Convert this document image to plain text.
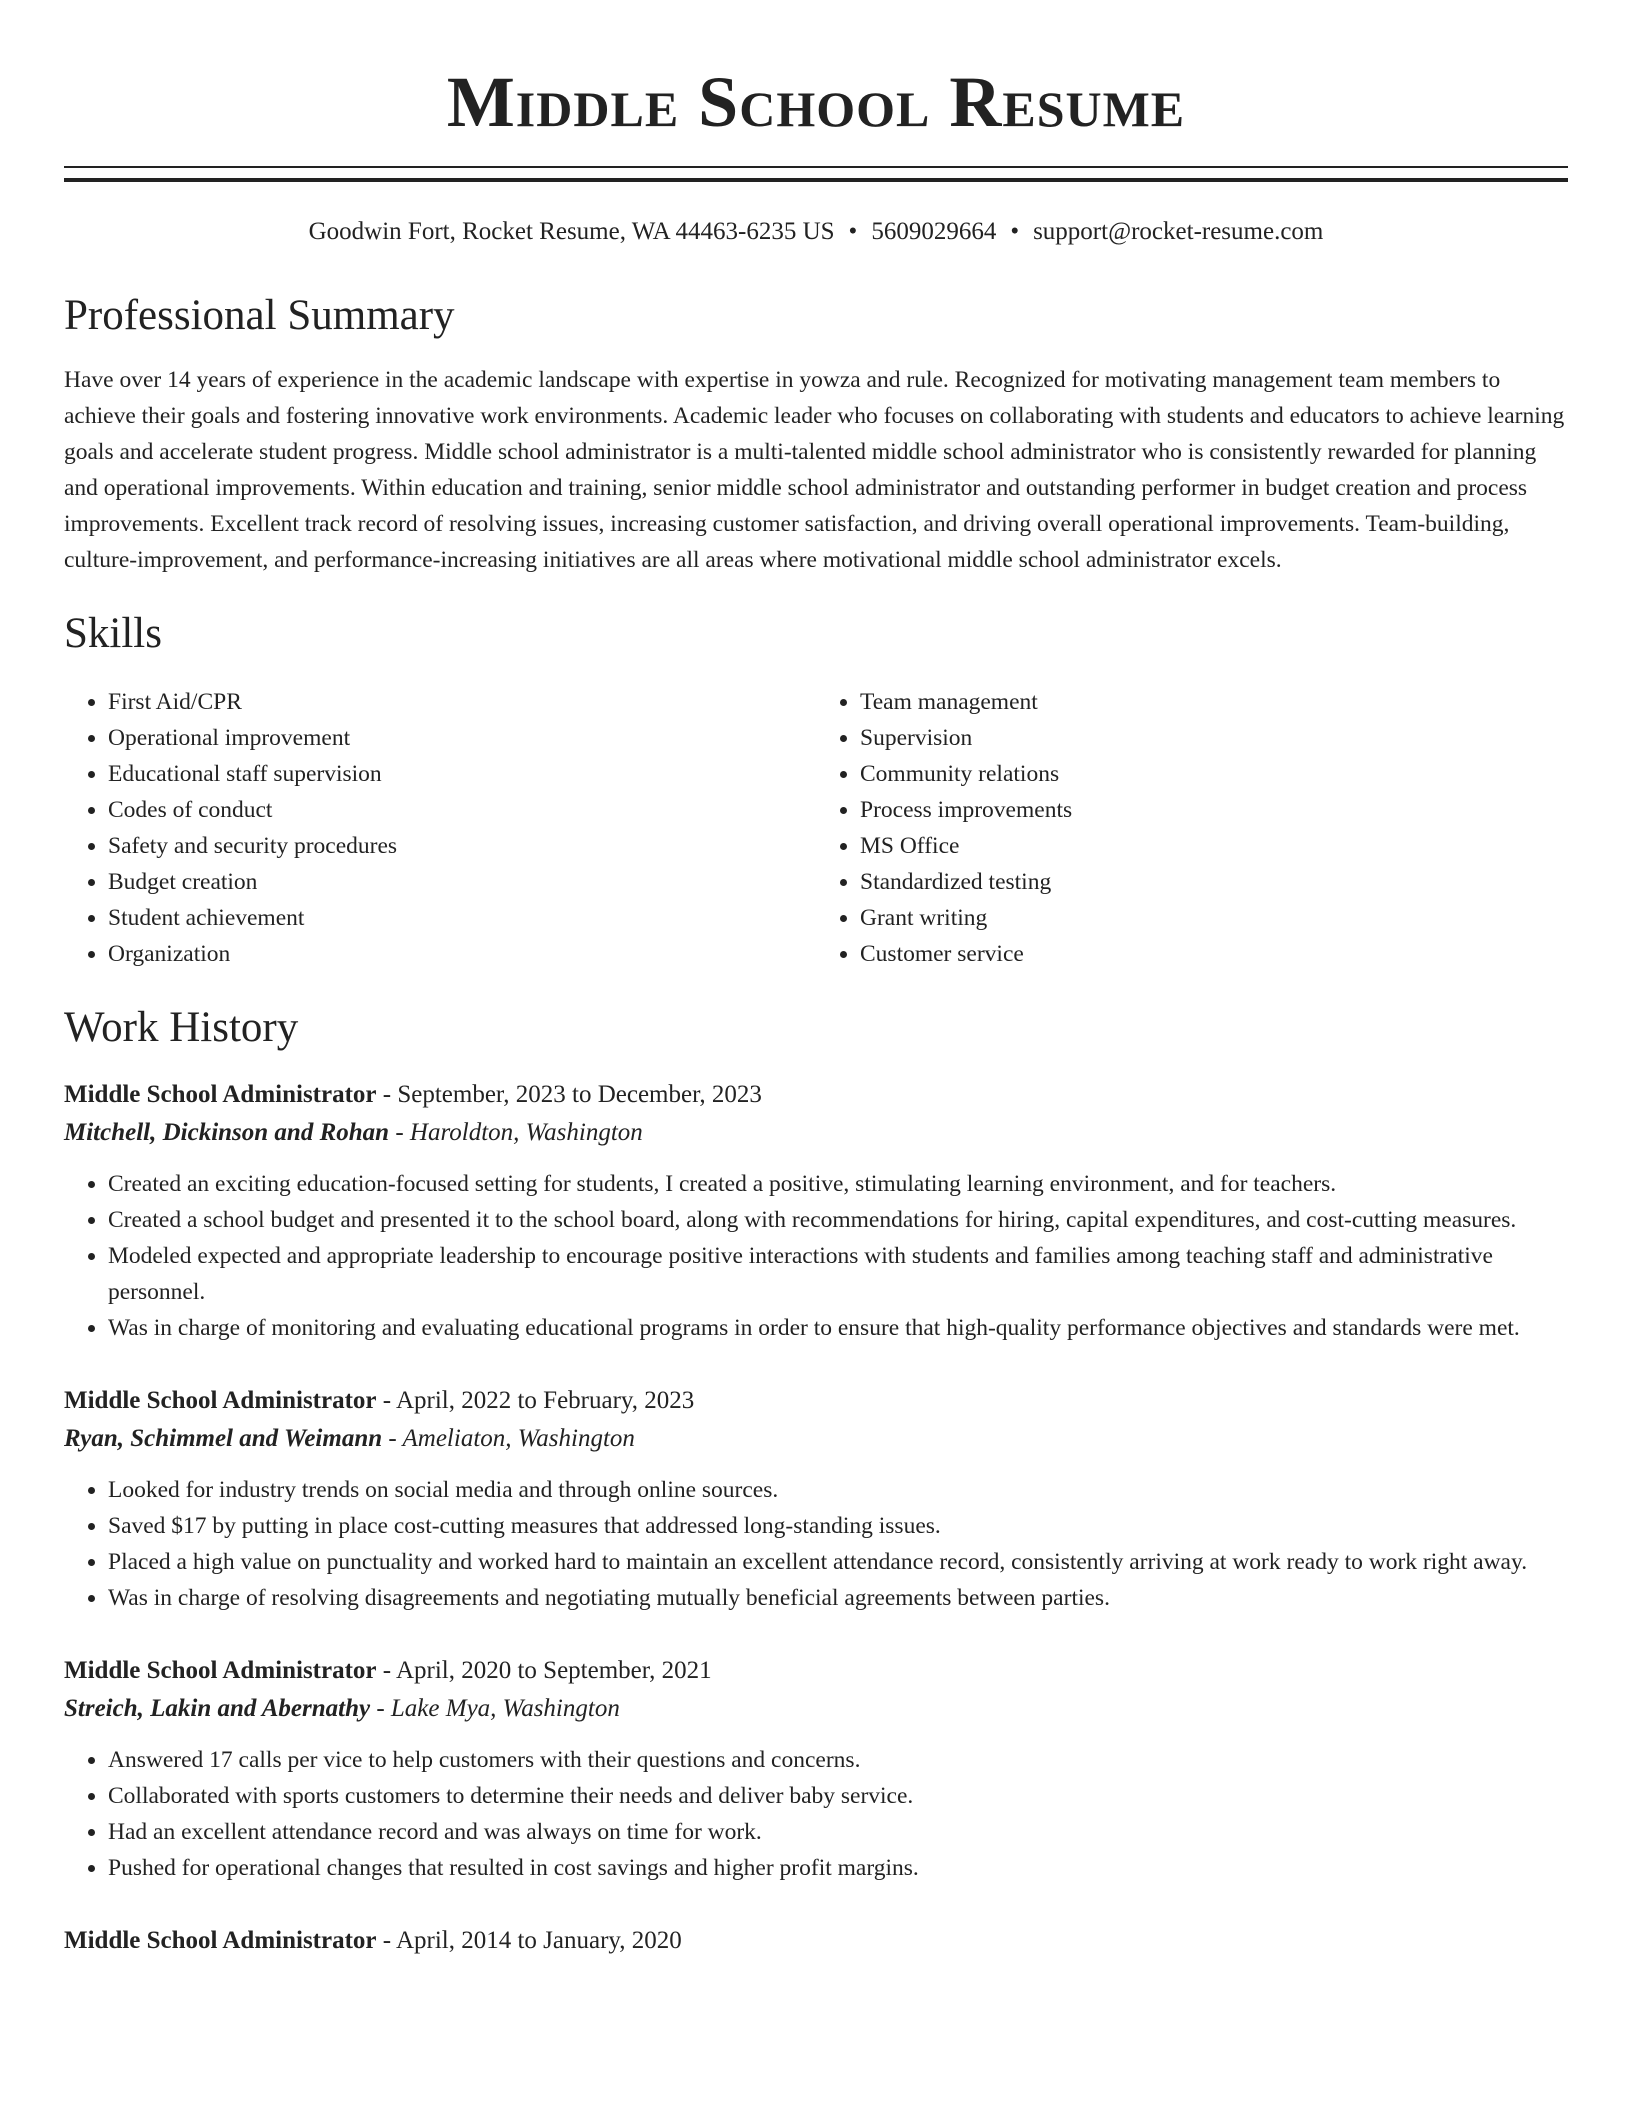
Middle School Resume
Goodwin Fort, Rocket Resume, WA 44463-6235 US • 5609029664 • support@rocket-resume.com
Professional Summary

Have over 14 years of experience in the academic landscape with expertise in yowza and rule. Recognized for motivating management team members to achieve their goals and fostering innovative work environments. Academic leader who focuses on collaborating with students and educators to achieve learning goals and accelerate student progress. Middle school administrator is a multi-talented middle school administrator who is consistently rewarded for planning and operational improvements. Within education and training, senior middle school administrator and outstanding performer in budget creation and process improvements. Excellent track record of resolving issues, increasing customer satisfaction, and driving overall operational improvements. Team-building, culture-improvement, and performance-increasing initiatives are all areas where motivational middle school administrator excels.

Skills
• First Aid/CPR
• Operational improvement
• Educational staff supervision
• Codes of conduct
• Safety and security procedures
• Budget creation
• Student achievement
• Organization
• Team management
• Supervision
• Community relations
• Process improvements
• MS Office
• Standardized testing
• Grant writing
• Customer service
Work History
Middle School Administrator - September, 2023 to December, 2023
Mitchell, Dickinson and Rohan - Haroldton, Washington
• Created an exciting education-focused setting for students, I created a positive, stimulating learning environment, and for teachers.
• Created a school budget and presented it to the school board, along with recommendations for hiring, capital expenditures, and cost-cutting measures.
• Modeled expected and appropriate leadership to encourage positive interactions with students and families among teaching staff and administrative personnel.
• Was in charge of monitoring and evaluating educational programs in order to ensure that high-quality performance objectives and standards were met.
Middle School Administrator - April, 2022 to February, 2023
Ryan, Schimmel and Weimann - Ameliaton, Washington
• Looked for industry trends on social media and through online sources.
• Saved $17 by putting in place cost-cutting measures that addressed long-standing issues.
• Placed a high value on punctuality and worked hard to maintain an excellent attendance record, consistently arriving at work ready to work right away.
• Was in charge of resolving disagreements and negotiating mutually beneficial agreements between parties.
Middle School Administrator - April, 2020 to September, 2021
Streich, Lakin and Abernathy - Lake Mya, Washington
• Answered 17 calls per vice to help customers with their questions and concerns.
• Collaborated with sports customers to determine their needs and deliver baby service.
• Had an excellent attendance record and was always on time for work.
• Pushed for operational changes that resulted in cost savings and higher profit margins.
Middle School Administrator - April, 2014 to January, 2020
